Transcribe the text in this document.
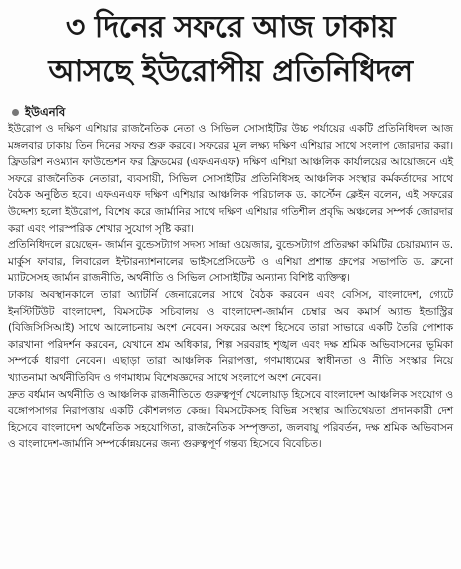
৩ দিনের সফরে আজ ঢাকায়
আসছে ইউরোপীয় প্রতিনিধিদল
ইউএনবি

ইউরোপ ও দক্ষিণ এশিয়ার রাজনৈতিক নেতা ও সিভিল সোসাইটির উচ্চ পর্যায়ের একটি প্রতিনিধিদল আজ মঙ্গলবার ঢাকায় তিন দিনের সফর শুরু করবে। সফরের মূল লক্ষ্য দক্ষিণ এশিয়ার সাথে সংলাপ জোরদার করা। ফ্রিডরিশ নওম্যান ফাউন্ডেশন ফর ফ্রিডমের (এফএনএফ) দক্ষিণ এশিয়া আঞ্চলিক কার্যালয়ের আয়োজনে এই সফরে রাজনৈতিক নেতারা, ব্যবসায়ী, সিভিল সোসাইটির প্রতিনিধিসহ আঞ্চলিক সংস্থার কর্মকর্তাদের সাথে বৈঠক অনুষ্ঠিত হবে। এফএনএফ দক্ষিণ এশিয়ার আঞ্চলিক পরিচালক ড. কার্স্টেন ক্লেইন বলেন, এই সফরের উদ্দেশ্য হলো ইউরোপ, বিশেষ করে জার্মানির সাথে দক্ষিণ এশিয়ার গতিশীল প্রবৃদ্ধি অঞ্চলের সম্পর্ক জোরদার করা এবং পারস্পরিক শেখার সুযোগ সৃষ্টি করা।

প্রতিনিধিদলে রয়েছেন- জার্মান বুন্ডেসট্যাগ সদস্য সান্দ্রা ওয়েজার, বুন্ডেসট্যাগ প্রতিরক্ষা কমিটির চেয়ারম্যান ড. মার্কুস ফাবার, লিবারেল ইন্টারন্যাশনালের ভাইসপ্রেসিডেন্ট ও এশিয়া প্রশান্ত গ্রুপের সভাপতি ড. ব্রুনো ম্যাটসেসহ জার্মান রাজনীতি, অর্থনীতি ও সিভিল সোসাইটির অন্যান্য বিশিষ্ট ব্যক্তিত্ব।

ঢাকায় অবস্থানকালে তারা অ্যাটর্নি জেনারেলের সাথে বৈঠক করবেন এবং বেসিস, বাংলাদেশ, গ্যেটে ইনস্টিটিউট বাংলাদেশ, বিমসটেক সচিবালয় ও বাংলাদেশ-জার্মান চেম্বার অব কমার্স অ্যান্ড ইন্ডাস্ট্রির (বিজিসিসিআই) সাথে আলোচনায় অংশ নেবেন। সফরের অংশ হিসেবে তারা সাভারে একটি তৈরি পোশাক কারখানা পরিদর্শন করবেন, যেখানে শ্রম অধিকার, শিল্প সরবরাহ শৃঙ্খল এবং দক্ষ শ্রমিক অভিবাসনের ভূমিকা সম্পর্কে ধারণা নেবেন। এছাড়া তারা আঞ্চলিক নিরাপত্তা, গণমাধ্যমের স্বাধীনতা ও নীতি সংস্কার নিয়ে খ্যাতনামা অর্থনীতিবিদ ও গণমাধ্যম বিশেষজ্ঞদের সাথে সংলাপে অংশ নেবেন।

দ্রুত বর্ধমান অর্থনীতি ও আঞ্চলিক রাজনীতিতে গুরুত্বপূর্ণ খেলোয়াড় হিসেবে বাংলাদেশ আঞ্চলিক সংযোগ ও বঙ্গোপসাগর নিরাপত্তায় একটি কৌশলগত কেন্দ্র। বিমসটেকসহ বিভিন্ন সংস্থার আতিথেয়তা প্রদানকারী দেশ হিসেবে বাংলাদেশ অর্থনৈতিক সহযোগিতা, রাজনৈতিক সম্পৃক্ততা, জলবায়ু পরিবর্তন, দক্ষ শ্রমিক অভিবাসন ও বাংলাদেশ-জার্মানি সম্পর্কোন্নয়নের জন্য গুরুত্বপূর্ণ গন্তব্য হিসেবে বিবেচিত।
